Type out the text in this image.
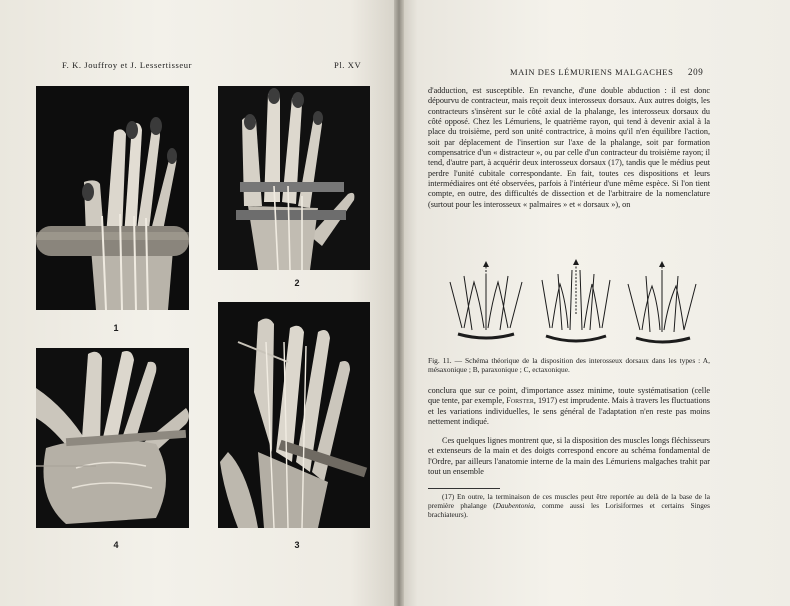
F. K. Jouffroy et J. Lessertisseur	Pl. XV
1
2
4	3
MAIN DES LÉMURIENS MALGACHES 209

d'adduction, est susceptible. En revanche, d'une double abduction : il est donc dépourvu de contracteur, mais reçoit deux interosseux dorsaux. Aux autres doigts, les contracteurs s'insèrent sur le côté axial de la phalange, les interosseux dorsaux du côté opposé. Chez les Lémuriens, le quatrième rayon, qui tend à devenir axial à la place du troisième, perd son unité contractrice, à moins qu'il n'en équilibre l'action, soit par déplacement de l'insertion sur l'axe de la phalange, soit par formation compensatrice d'un « distracteur », ou par celle d'un contracteur du troisième rayon; il tend, d'autre part, à acquérir deux interosseux dorsaux (17), tandis que le médius peut perdre l'unité cubitale correspondante. En fait, toutes ces dispositions et leurs intermédiaires ont été observées, parfois à l'intérieur d'une même espèce. Si l'on tient compte, en outre, des difficultés de dissection et de l'arbitraire de la nomenclature (surtout pour les interosseux « palmaires » et « dorsaux »), on

Fig. 11. — Schéma théorique de la disposition des interosseux dorsaux dans les types : A, mésaxonique ; B, paraxonique ; C, ectaxonique.

conclura que sur ce point, d'importance assez minime, toute systématisation (celle que tente, par exemple, Forster, 1917) est imprudente. Mais à travers les fluctuations et les variations individuelles, le sens général de l'adaptation n'en reste pas moins nettement indiqué.

Ces quelques lignes montrent que, si la disposition des muscles longs fléchisseurs et extenseurs de la main et des doigts correspond encore au schéma fondamental de l'Ordre, par ailleurs l'anatomie interne de la main des Lémuriens malgaches trahit par tout un ensemble

(17) En outre, la terminaison de ces muscles peut être reportée au delà de la base de la première phalange (Daubentonia, comme aussi les Lorisiformes et certains Singes brachiateurs).
